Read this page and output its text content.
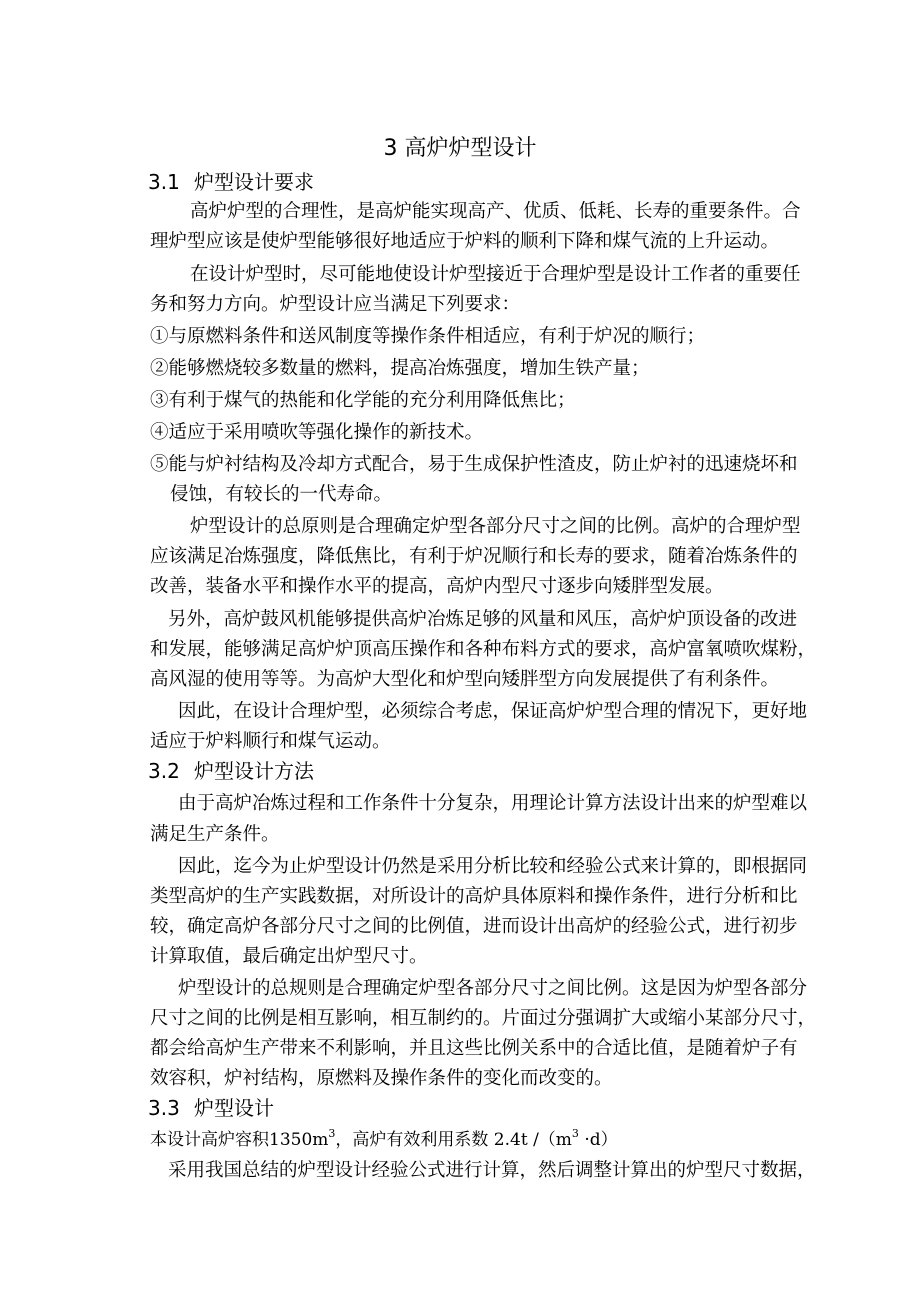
3 高炉炉型设计
3.1 炉型设计要求
高炉炉型的合理性，是高炉能实现高产、优质、低耗、长寿的重要条件。合
理炉型应该是使炉型能够很好地适应于炉料的顺利下降和煤气流的上升运动。
在设计炉型时，尽可能地使设计炉型接近于合理炉型是设计工作者的重要任
务和努力方向。炉型设计应当满足下列要求：
①与原燃料条件和送风制度等操作条件相适应，有利于炉况的顺行；
②能够燃烧较多数量的燃料，提高冶炼强度，增加生铁产量；
③有利于煤气的热能和化学能的充分利用降低焦比；
④适应于采用喷吹等强化操作的新技术。
⑤能与炉衬结构及冷却方式配合，易于生成保护性渣皮，防止炉衬的迅速烧坏和
侵蚀，有较长的一代寿命。
炉型设计的总原则是合理确定炉型各部分尺寸之间的比例。高炉的合理炉型
应该满足冶炼强度，降低焦比，有利于炉况顺行和长寿的要求，随着冶炼条件的
改善，装备水平和操作水平的提高，高炉内型尺寸逐步向矮胖型发展。
另外，高炉鼓风机能够提供高炉冶炼足够的风量和风压，高炉炉顶设备的改进
和发展，能够满足高炉炉顶高压操作和各种布料方式的要求，高炉富氧喷吹煤粉，
高风湿的使用等等。为高炉大型化和炉型向矮胖型方向发展提供了有利条件。
因此，在设计合理炉型，必须综合考虑，保证高炉炉型合理的情况下，更好地
适应于炉料顺行和煤气运动。
3.2 炉型设计方法
由于高炉冶炼过程和工作条件十分复杂，用理论计算方法设计出来的炉型难以
满足生产条件。
因此，迄今为止炉型设计仍然是采用分析比较和经验公式来计算的，即根据同
类型高炉的生产实践数据，对所设计的高炉具体原料和操作条件，进行分析和比
较，确定高炉各部分尺寸之间的比例值，进而设计出高炉的经验公式，进行初步
计算取值，最后确定出炉型尺寸。
炉型设计的总规则是合理确定炉型各部分尺寸之间比例。这是因为炉型各部分
尺寸之间的比例是相互影响，相互制约的。片面过分强调扩大或缩小某部分尺寸，
都会给高炉生产带来不利影响，并且这些比例关系中的合适比值，是随着炉子有
效容积，炉衬结构，原燃料及操作条件的变化而改变的。
3.3 炉型设计
本设计高炉容积$1350m^3$，高炉有效利用系数 2.4t $/(m^3 \cdot d)$
采用我国总结的炉型设计经验公式进行计算，然后调整计算出的炉型尺寸数据，
